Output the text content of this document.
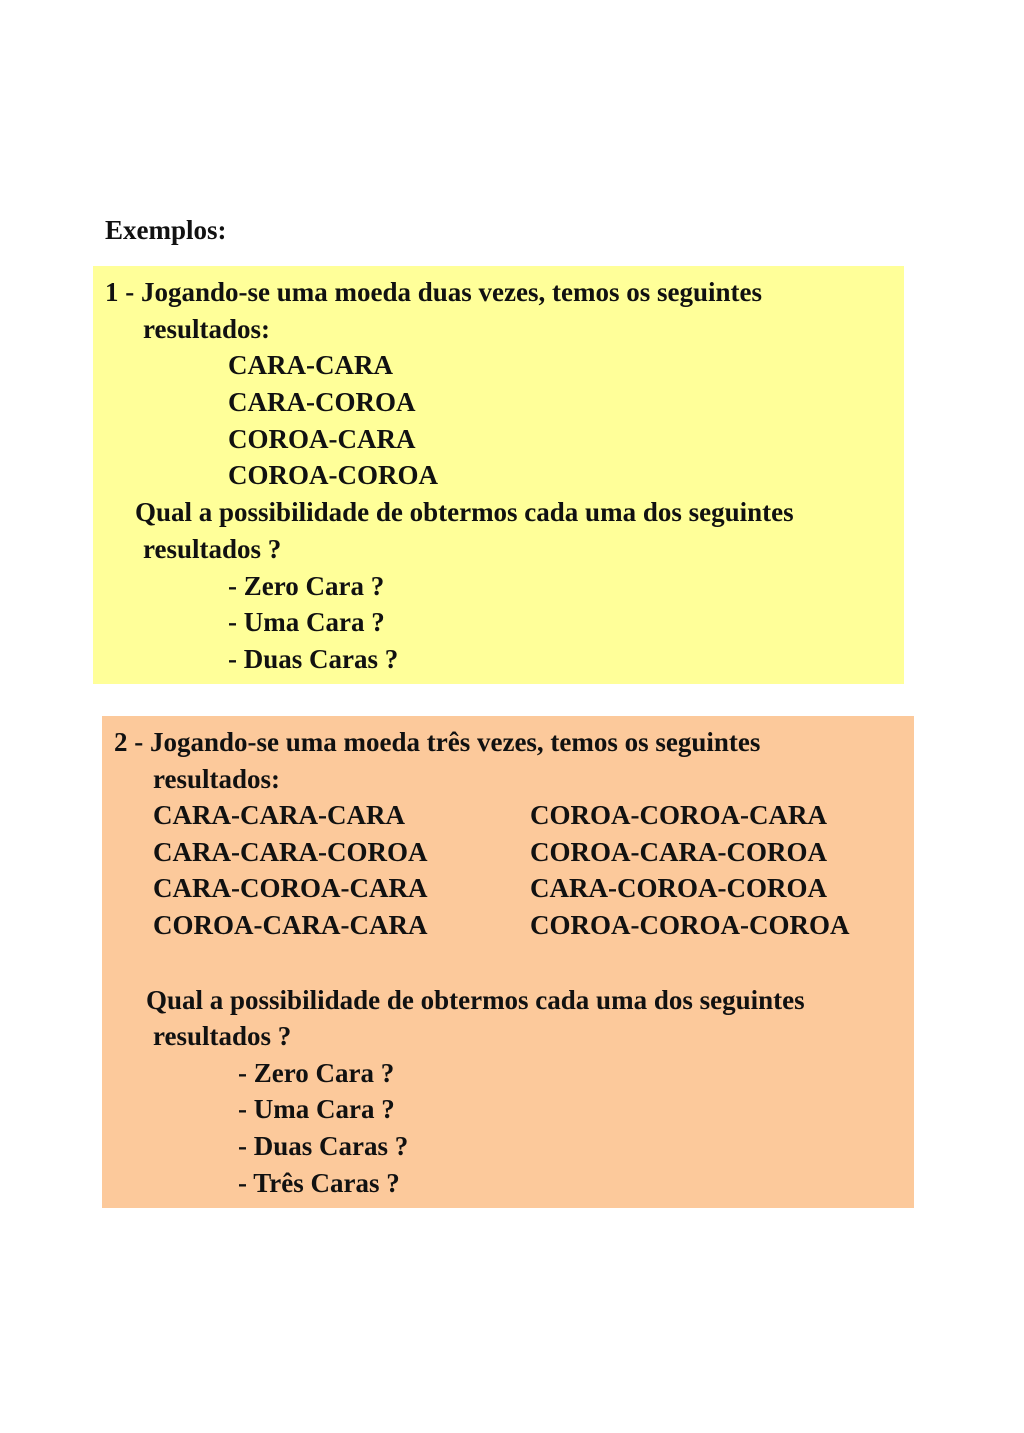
Exemplos:
1 - Jogando-se uma moeda duas vezes, temos os seguintes
resultados:
CARA-CARA
CARA-COROA
COROA-CARA
COROA-COROA
Qual a possibilidade de obtermos cada uma dos seguintes
resultados ?
- Zero Cara ?
- Uma Cara ?
- Duas Caras ?
2 - Jogando-se uma moeda três vezes, temos os seguintes
resultados:
CARA-CARA-CARA
CARA-CARA-COROA
CARA-COROA-CARA
COROA-CARA-CARA
COROA-COROA-CARA
COROA-CARA-COROA
CARA-COROA-COROA
COROA-COROA-COROA
Qual a possibilidade de obtermos cada uma dos seguintes
resultados ?
- Zero Cara ?
- Uma Cara ?
- Duas Caras ?
- Três Caras ?
